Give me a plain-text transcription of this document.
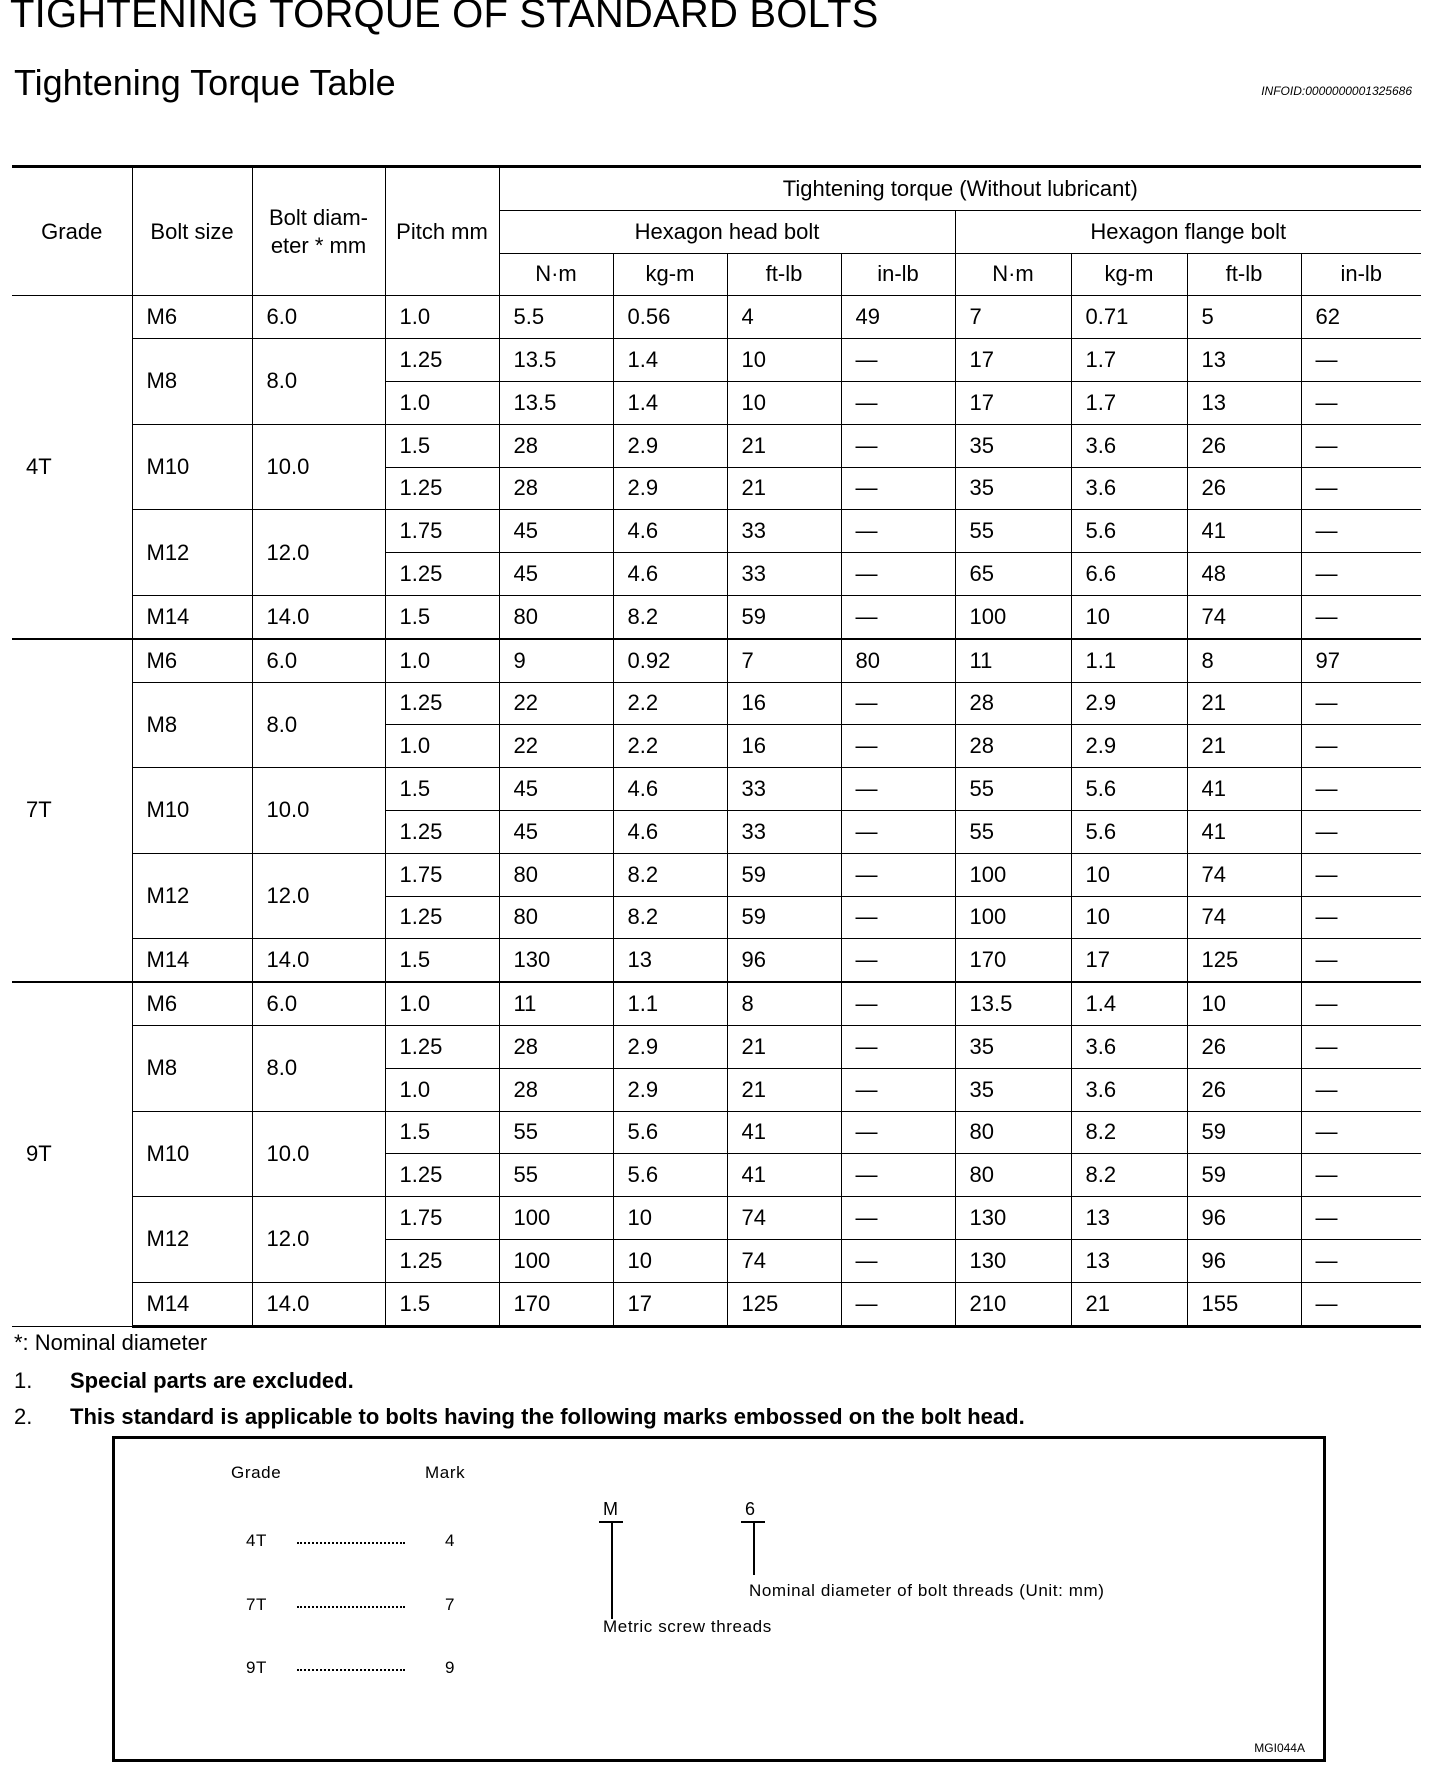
TIGHTENING TORQUE OF STANDARD BOLTS
Tightening Torque Table	INFOID:0000000001325686
Grade	Bolt size	Bolt diam-eter * mm	Pitch mm	Tightening torque (Without lubricant)							
				Hexagon head bolt				Hexagon flange bolt			
				N·m	kg-m	ft-lb	in-lb	N·m	kg-m	ft-lb	in-lb
4T	M6	6.0	1.0	5.5	0.56	4	49	7	0.71	5	62
	M8	8.0	1.25	13.5	1.4	10	—	17	1.7	13	—
			1.0	13.5	1.4	10	—	17	1.7	13	—
	M10	10.0	1.5	28	2.9	21	—	35	3.6	26	—
			1.25	28	2.9	21	—	35	3.6	26	—
	M12	12.0	1.75	45	4.6	33	—	55	5.6	41	—
			1.25	45	4.6	33	—	65	6.6	48	—
	M14	14.0	1.5	80	8.2	59	—	100	10	74	—
7T	M6	6.0	1.0	9	0.92	7	80	11	1.1	8	97
	M8	8.0	1.25	22	2.2	16	—	28	2.9	21	—
			1.0	22	2.2	16	—	28	2.9	21	—
	M10	10.0	1.5	45	4.6	33	—	55	5.6	41	—
			1.25	45	4.6	33	—	55	5.6	41	—
	M12	12.0	1.75	80	8.2	59	—	100	10	74	—
			1.25	80	8.2	59	—	100	10	74	—
	M14	14.0	1.5	130	13	96	—	170	17	125	—
9T	M6	6.0	1.0	11	1.1	8	—	13.5	1.4	10	—
	M8	8.0	1.25	28	2.9	21	—	35	3.6	26	—
			1.0	28	2.9	21	—	35	3.6	26	—
	M10	10.0	1.5	55	5.6	41	—	80	8.2	59	—
			1.25	55	5.6	41	—	80	8.2	59	—
	M12	12.0	1.75	100	10	74	—	130	13	96	—
			1.25	100	10	74	—	130	13	96	—
	M14	14.0	1.5	170	17	125	—	210	21	155	—
*: Nominal diameter
1. Special parts are excluded.
2. This standard is applicable to bolts having the following marks embossed on the bolt head.
Grade	Mark
4T	4
7T	7
9T	9
M	6
Nominal diameter of bolt threads (Unit: mm)
Metric screw threads
MGI044A
